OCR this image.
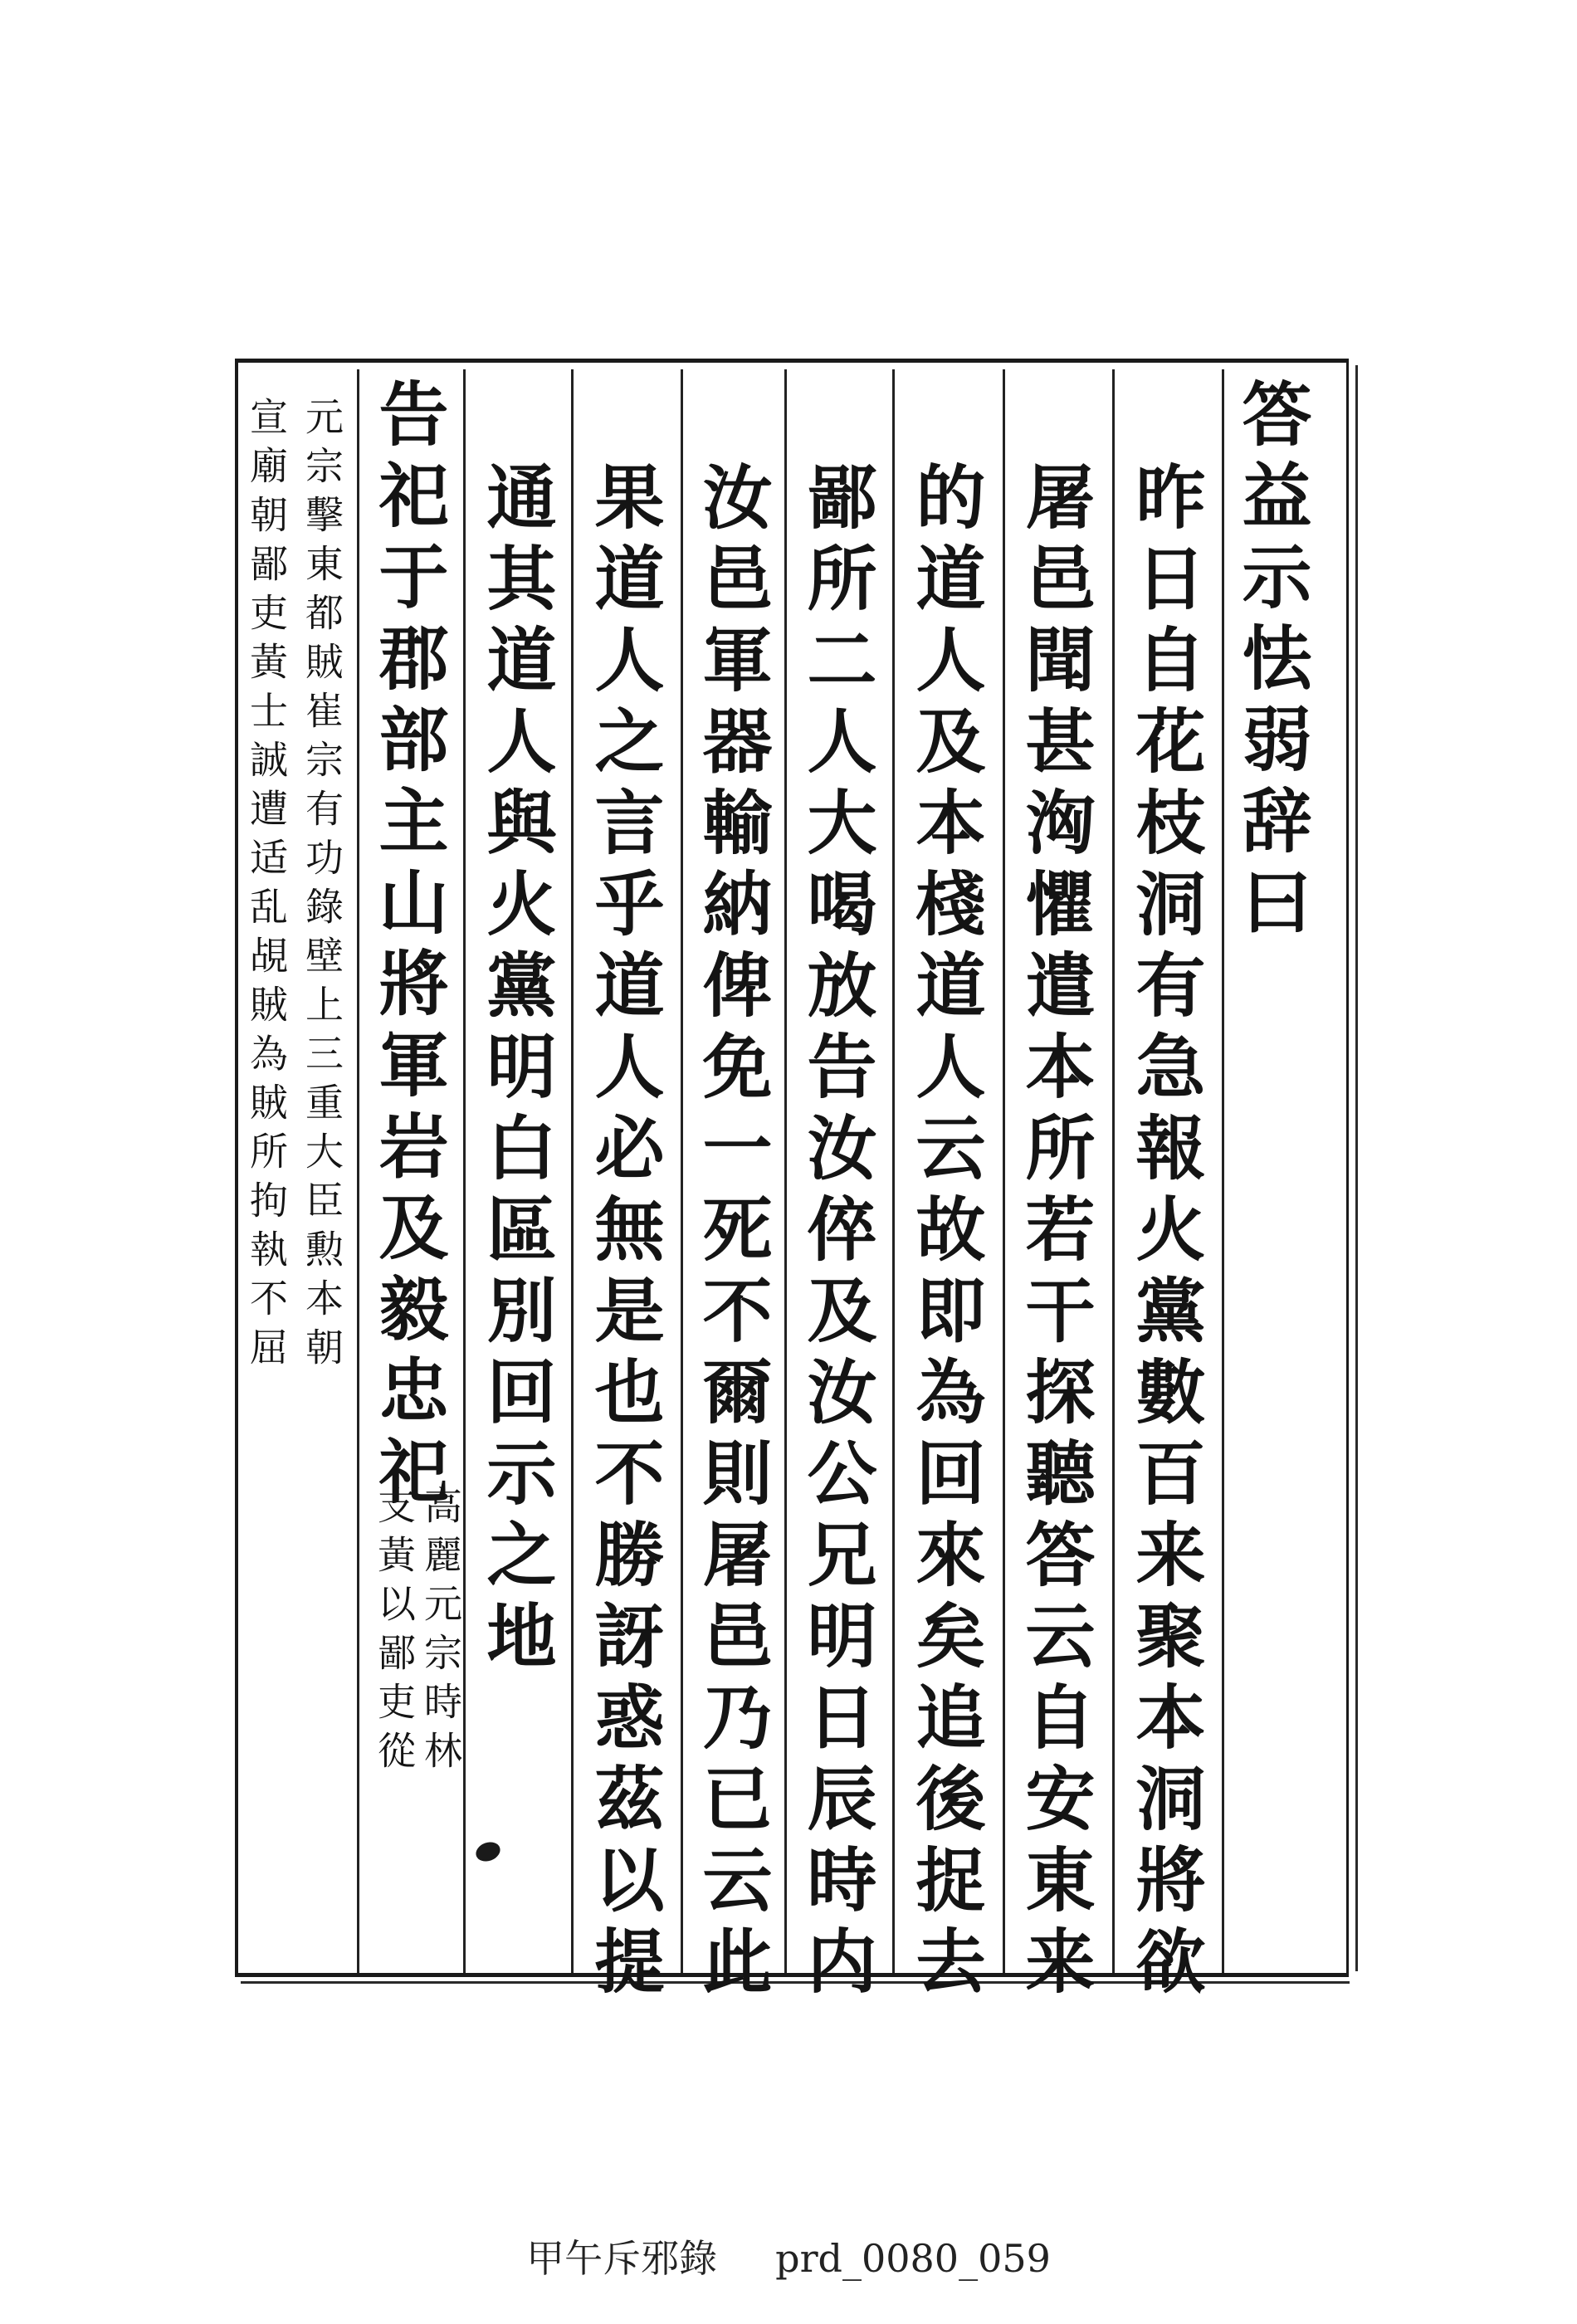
答益示怯弱辞曰
昨日自花枝洞有急報火黨數百来聚本洞將欲
屠邑聞甚洶懼遣本所若干探聽答云自安東来
的道人及本棧道人云故即為回來矣追後捉去
鄙所二人大喝放告汝倅及汝公兄明日辰時内
汝邑軍器輸納俾免一死不爾則屠邑乃已云此
果道人之言乎道人必無是也不勝訝惑茲以提
通其道人與火黨明白區別回示之地
告祀于郡部主山將軍岩及毅忠祀
高麗元宗時林
支黃以鄙吏從
元宗擊東都賊崔宗有功錄壁上三重大臣勲本朝
宣廟朝鄙吏黃士誠遭适乱覘賊為賊所拘執不屈
甲午斥邪錄 prd_0080_059
